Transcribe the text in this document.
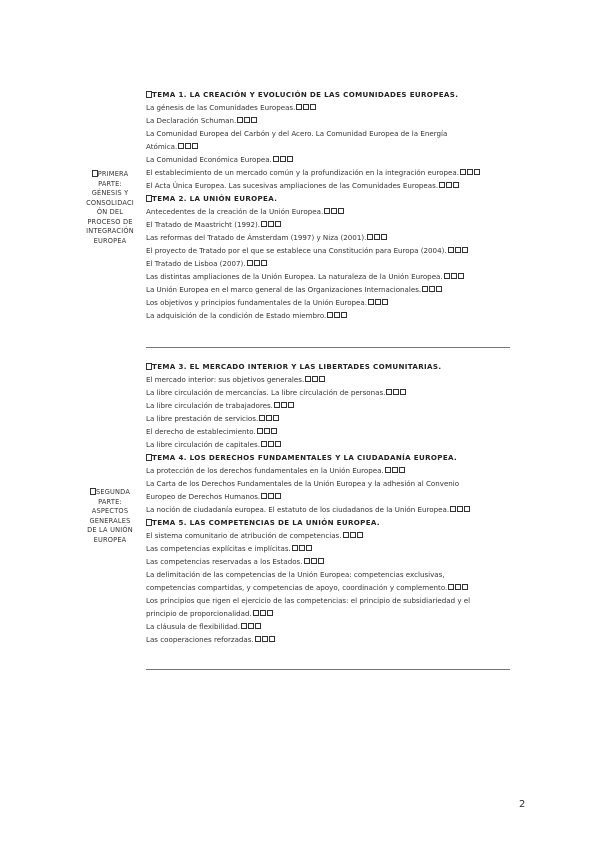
PRIMERA
PARTE:
GÉNESIS Y
CONSOLIDACI
ÓN DEL
PROCESO DE
INTEGRACIÓN
EUROPEA
TEMA 1. LA CREACIÓN Y EVOLUCIÓN DE LAS COMUNIDADES EUROPEAS.
La génesis de las Comunidades Europeas.
La Declaración Schuman.
La Comunidad Europea del Carbón y del Acero. La Comunidad Europea de la Energía
Atómica.
La Comunidad Económica Europea.
El establecimiento de un mercado común y la profundización en la integración europea.
El Acta Única Europea. Las sucesivas ampliaciones de las Comunidades Europeas.
TEMA 2. LA UNIÓN EUROPEA.
Antecedentes de la creación de la Unión Europea.
El Tratado de Maastricht (1992).
Las reformas del Tratado de Ámsterdam (1997) y Niza (2001).
El proyecto de Tratado por el que se establece una Constitución para Europa (2004).
El Tratado de Lisboa (2007).
Las distintas ampliaciones de la Unión Europea. La naturaleza de la Unión Europea.
La Unión Europea en el marco general de las Organizaciones Internacionales.
Los objetivos y principios fundamentales de la Unión Europea.
La adquisición de la condición de Estado miembro.
SEGUNDA
PARTE:
ASPECTOS
GENERALES
DE LA UNIÓN
EUROPEA
TEMA 3. EL MERCADO INTERIOR Y LAS LIBERTADES COMUNITARIAS.
El mercado interior: sus objetivos generales.
La libre circulación de mercancías. La libre circulación de personas.
La libre circulación de trabajadores.
La libre prestación de servicios.
El derecho de establecimiento.
La libre circulación de capitales.
TEMA 4. LOS DERECHOS FUNDAMENTALES Y LA CIUDADANÍA EUROPEA.
La protección de los derechos fundamentales en la Unión Europea.
La Carta de los Derechos Fundamentales de la Unión Europea y la adhesión al Convenio
Europeo de Derechos Humanos.
La noción de ciudadanía europea. El estatuto de los ciudadanos de la Unión Europea.
TEMA 5. LAS COMPETENCIAS DE LA UNIÓN EUROPEA.
El sistema comunitario de atribución de competencias.
Las competencias explícitas e implícitas.
Las competencias reservadas a los Estados.
La delimitación de las competencias de la Unión Europea: competencias exclusivas,
competencias compartidas, y competencias de apoyo, coordinación y complemento.
Los principios que rigen el ejercicio de las competencias: el principio de subsidiariedad y el
principio de proporcionalidad.
La cláusula de flexibilidad.
Las cooperaciones reforzadas.
2
